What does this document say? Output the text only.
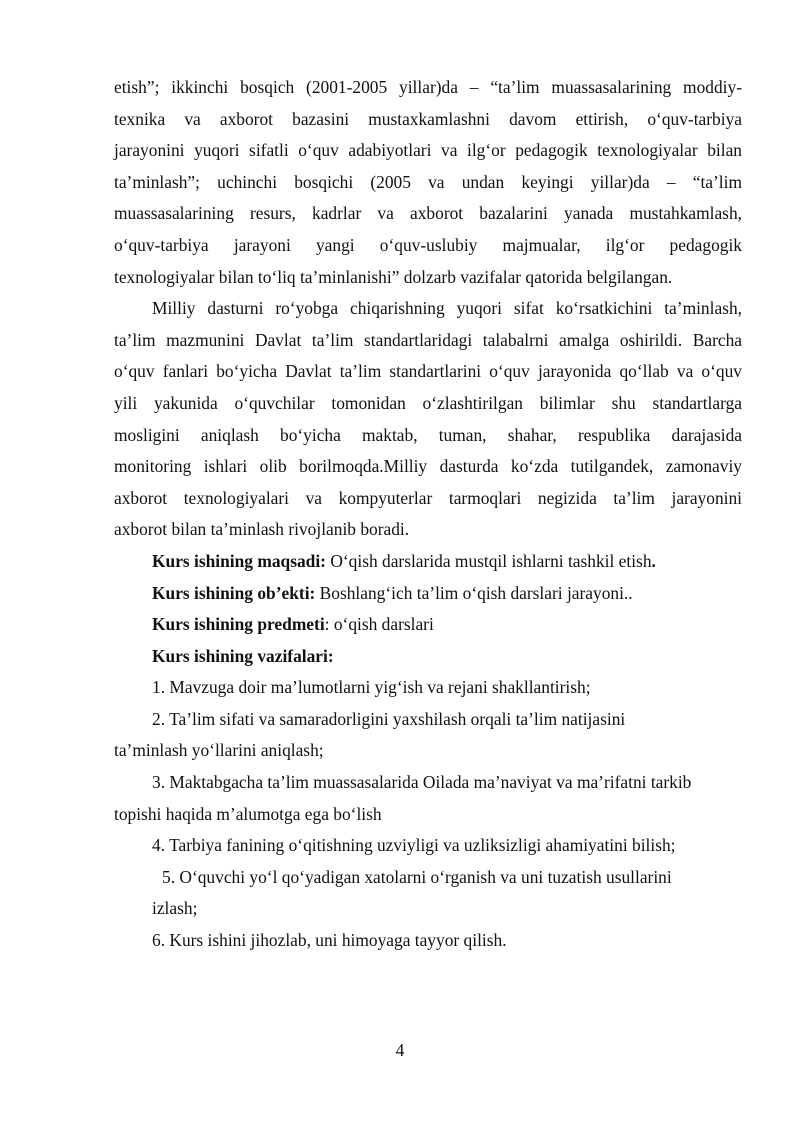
etish”; ikkinchi bosqich (2001-2005 yillar)da – “ta’lim muassasalarining moddiy-
texnika va axborot bazasini mustaxkamlashni davom ettirish, o‘quv-tarbiya
jarayonini yuqori sifatli o‘quv adabiyotlari va ilg‘or pedagogik texnologiyalar bilan
ta’minlash”; uchinchi bosqichi (2005 va undan keyingi yillar)da – “ta’lim
muassasalarining resurs, kadrlar va axborot bazalarini yanada mustahkamlash,
o‘quv-tarbiya jarayoni yangi o‘quv-uslubiy majmualar, ilg‘or pedagogik
texnologiyalar bilan to‘liq ta’minlanishi” dolzarb vazifalar qatorida belgilangan.
Milliy dasturni ro‘yobga chiqarishning yuqori sifat ko‘rsatkichini ta’minlash,
ta’lim mazmunini Davlat ta’lim standartlaridagi talabalrni amalga oshirildi. Barcha
o‘quv fanlari bo‘yicha Davlat ta’lim standartlarini o‘quv jarayonida qo‘llab va o‘quv
yili yakunida o‘quvchilar tomonidan o‘zlashtirilgan bilimlar shu standartlarga
mosligini aniqlash bo‘yicha maktab, tuman, shahar, respublika darajasida
monitoring ishlari olib borilmoqda.Milliy dasturda ko‘zda tutilgandek, zamonaviy
axborot texnologiyalari va kompyuterlar tarmoqlari negizida ta’lim jarayonini
axborot bilan ta’minlash rivojlanib boradi.
Kurs ishining maqsadi: O‘qish darslarida mustqil ishlarni tashkil etish.
Kurs ishining ob’ekti: Boshlang‘ich ta’lim o‘qish darslari jarayoni..
Kurs ishining predmeti: o‘qish darslari
Kurs ishining vazifalari:
1. Mavzuga doir ma’lumotlarni yig‘ish va rejani shakllantirish;
2. Ta’lim sifati va samaradorligini yaxshilash orqali ta’lim natijasini
ta’minlash yo‘llarini aniqlash;
3. Maktabgacha ta’lim muassasalarida Oilada ma’naviyat va ma’rifatni tarkib
topishi haqida m’alumotga ega bo‘lish
4. Tarbiya fanining o‘qitishning uzviyligi va uzliksizligi ahamiyatini bilish;
5. O‘quvchi yo‘l qo‘yadigan xatolarni o‘rganish va uni tuzatish usullarini
izlash;
6. Kurs ishini jihozlab, uni himoyaga tayyor qilish.
4
